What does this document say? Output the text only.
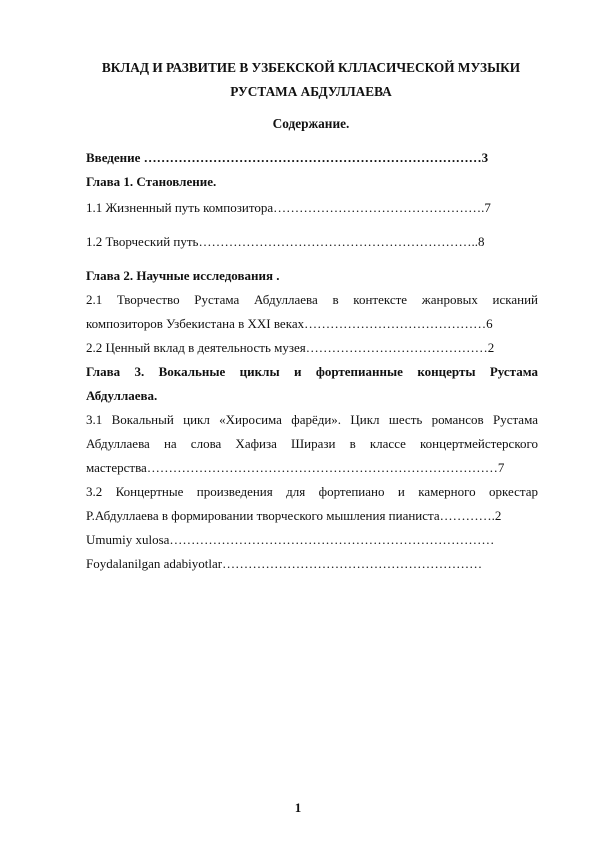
ВКЛАД И РАЗВИТИЕ В УЗБЕКСКОЙ КЛЛАСИЧЕСКОЙ МУЗЫКИ
РУСТАМА АБДУЛЛАЕВА
Содержание.
Введение ……………………………………………………………………3
Глава 1. Становление.
1.1 Жизненный путь композитора………………………………………….7
1.2 Творческий путь………………………………………………………..8
Глава 2. Научные исследования .
2.1 Творчество Рустама Абдуллаева в контексте жанровых исканий
композиторов Узбекистана в ХХI веках……………………………………6
2.2 Ценный вклад в деятельность музея……………………………………2
Глава 3. Вокальные циклы и фортепианные концерты Рустама
Абдуллаева.
3.1 Вокальный цикл «Хиросима фарёди». Цикл шесть романсов Рустама
Абдуллаева на слова Хафиза Ширази в классе концертмейстерского
мастерства………………………………………………………………………7
3.2 Концертные произведения для фортепиано и камерного оркестар
Р.Абдуллаева в формировании творческого мышления пианиста………….2
Umumiy xulosa…………………………………………………………………
Foydalanilgan adabiyotlar……………………………………………………
1
